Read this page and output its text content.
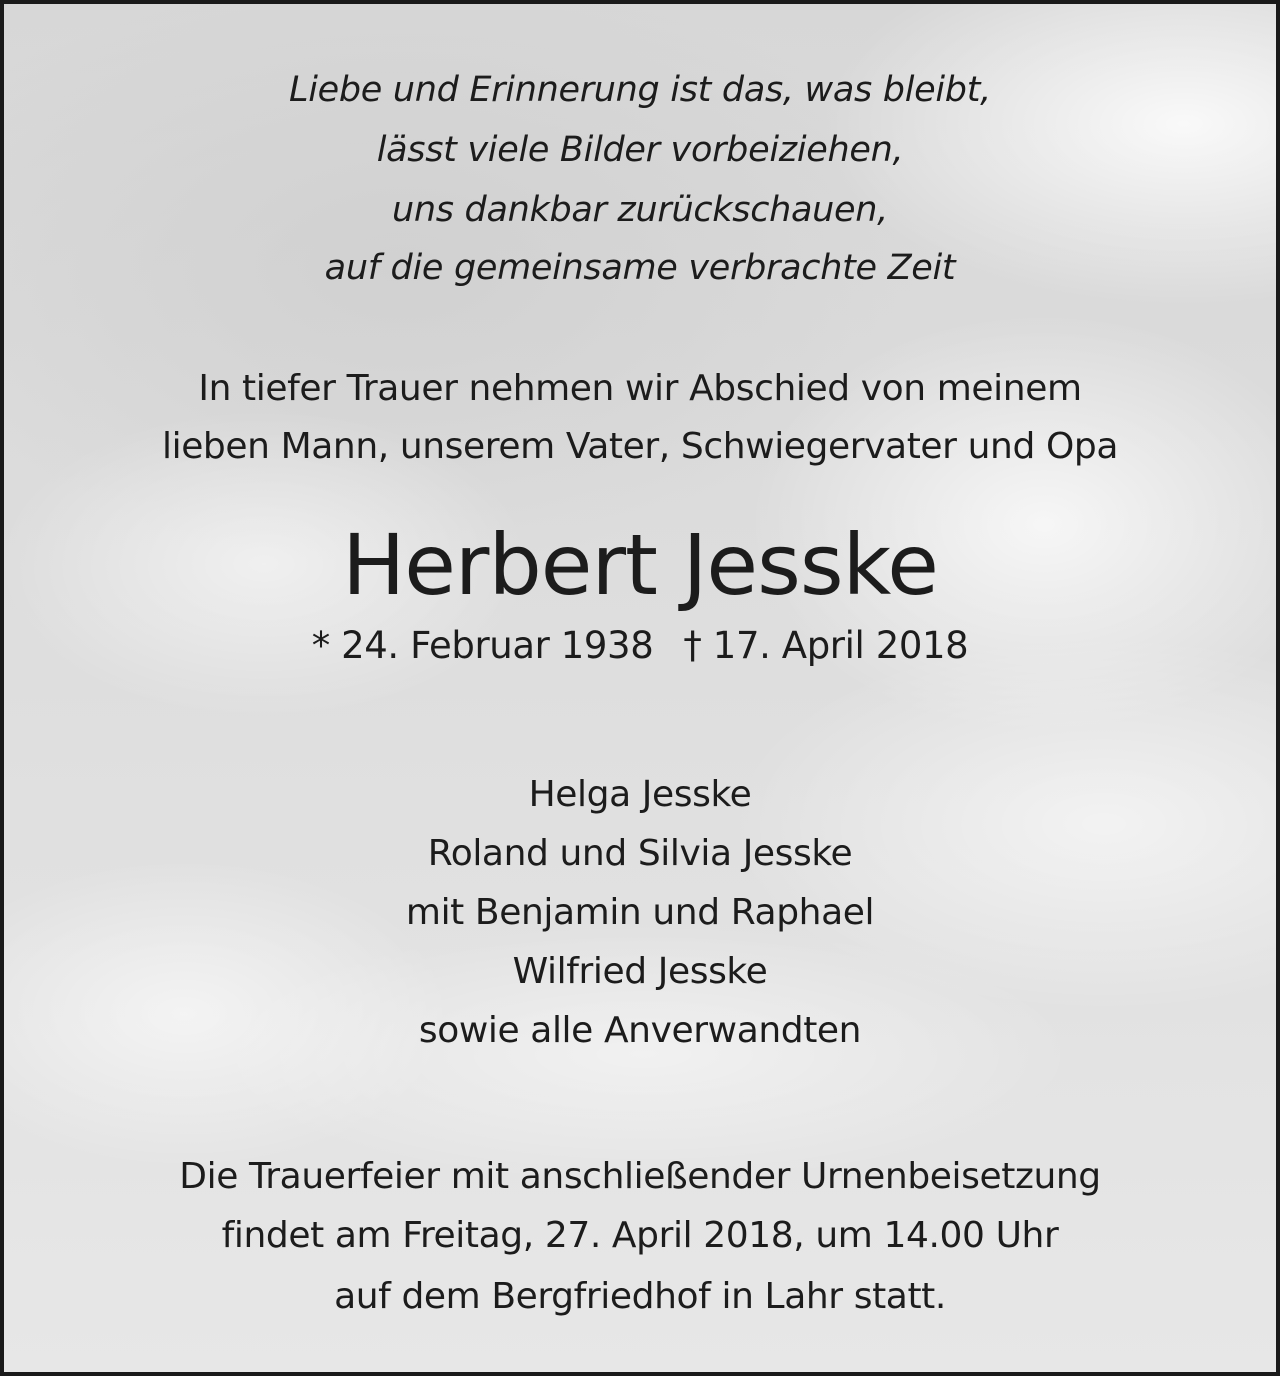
Liebe und Erinnerung ist das, was bleibt,
lässt viele Bilder vorbeiziehen,
uns dankbar zurückschauen,
auf die gemeinsame verbrachte Zeit
In tiefer Trauer nehmen wir Abschied von meinem
lieben Mann, unserem Vater, Schwiegervater und Opa
Herbert Jesske
* 24. Februar 1938 † 17. April 2018
Helga Jesske
Roland und Silvia Jesske
mit Benjamin und Raphael
Wilfried Jesske
sowie alle Anverwandten
Die Trauerfeier mit anschließender Urnenbeisetzung
findet am Freitag, 27. April 2018, um 14.00 Uhr
auf dem Bergfriedhof in Lahr statt.
